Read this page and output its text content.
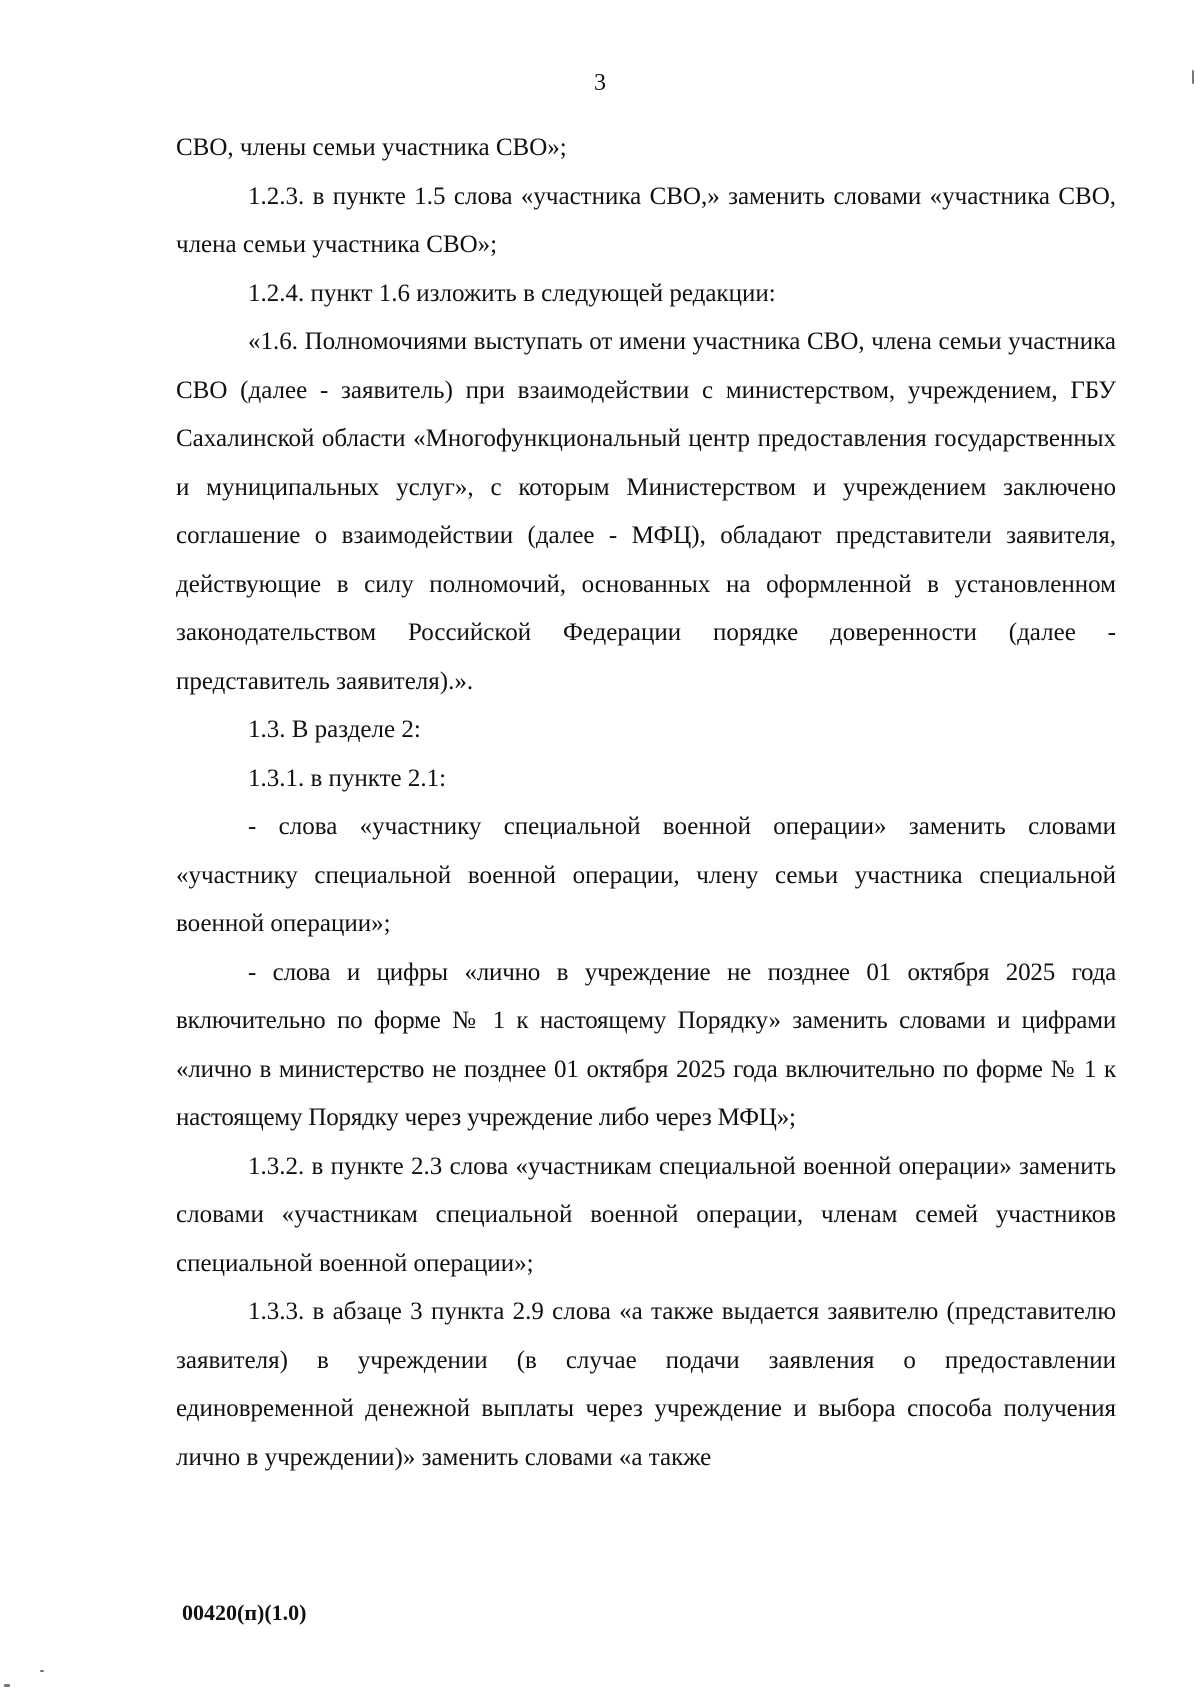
3

СВО, члены семьи участника СВО»;

1.2.3. в пункте 1.5 слова «участника СВО,» заменить словами «участника СВО, члена семьи участника СВО»;

1.2.4. пункт 1.6 изложить в следующей редакции:

«1.6. Полномочиями выступать от имени участника СВО, члена семьи участника СВО (далее - заявитель) при взаимодействии с министерством, учреждением, ГБУ Сахалинской области «Многофункциональный центр предоставления государственных и муниципальных услуг», с которым Министерством и учреждением заключено соглашение о взаимодействии (далее - МФЦ), обладают представители заявителя, действующие в силу полномочий, основанных на оформленной в установленном законодательством Российской Федерации порядке доверенности (далее - представитель заявителя).».

1.3. В разделе 2:

1.3.1. в пункте 2.1:

- слова «участнику специальной военной операции» заменить словами «участнику специальной военной операции, члену семьи участника специальной военной операции»;

- слова и цифры «лично в учреждение не позднее 01 октября 2025 года включительно по форме № 1 к настоящему Порядку» заменить словами и цифрами «лично в министерство не позднее 01 октября 2025 года включительно по форме № 1 к настоящему Порядку через учреждение либо через МФЦ»;

1.3.2. в пункте 2.3 слова «участникам специальной военной операции» заменить словами «участникам специальной военной операции, членам семей участников специальной военной операции»;

1.3.3. в абзаце 3 пункта 2.9 слова «а также выдается заявителю (представителю заявителя) в учреждении (в случае подачи заявления о предоставлении единовременной денежной выплаты через учреждение и выбора способа получения лично в учреждении)» заменить словами «а также

00420(п)(1.0)
